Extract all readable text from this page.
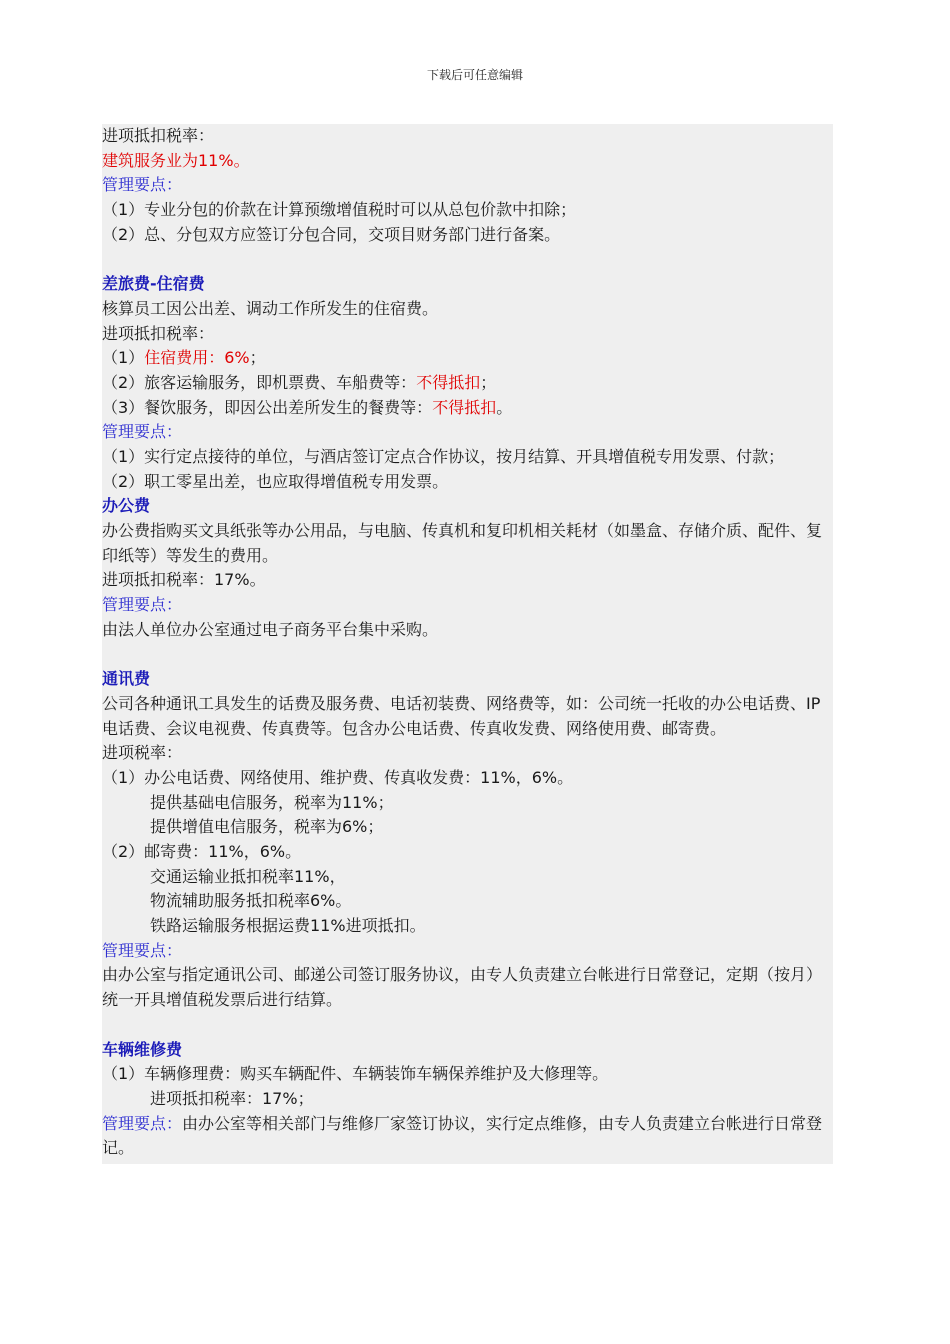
下载后可任意编辑
进项抵扣税率：
建筑服务业为11%。
管理要点：
（1）专业分包的价款在计算预缴增值税时可以从总包价款中扣除；
（2）总、分包双方应签订分包合同，交项目财务部门进行备案。
差旅费-住宿费
核算员工因公出差、调动工作所发生的住宿费。
进项抵扣税率：
（1）住宿费用：6%；
（2）旅客运输服务，即机票费、车船费等：不得抵扣；
（3）餐饮服务，即因公出差所发生的餐费等：不得抵扣。
管理要点：
（1）实行定点接待的单位，与酒店签订定点合作协议，按月结算、开具增值税专用发票、付款；
（2）职工零星出差，也应取得增值税专用发票。
办公费
办公费指购买文具纸张等办公用品，与电脑、传真机和复印机相关耗材（如墨盒、存储介质、配件、复印纸等）等发生的费用。
进项抵扣税率：17%。
管理要点：
由法人单位办公室通过电子商务平台集中采购。
通讯费
公司各种通讯工具发生的话费及服务费、电话初装费、网络费等，如：公司统一托收的办公电话费、IP电话费、会议电视费、传真费等。包含办公电话费、传真收发费、网络使用费、邮寄费。
进项税率：
（1）办公电话费、网络使用、维护费、传真收发费：11%，6%。
提供基础电信服务，税率为11%；
提供增值电信服务，税率为6%；
（2）邮寄费：11%，6%。
交通运输业抵扣税率11%，
物流辅助服务抵扣税率6%。
铁路运输服务根据运费11%进项抵扣。
管理要点：
由办公室与指定通讯公司、邮递公司签订服务协议，由专人负责建立台帐进行日常登记，定期（按月）统一开具增值税发票后进行结算。
车辆维修费
（1）车辆修理费：购买车辆配件、车辆装饰车辆保养维护及大修理等。
进项抵扣税率：17%；
管理要点：由办公室等相关部门与维修厂家签订协议，实行定点维修，由专人负责建立台帐进行日常登记。
